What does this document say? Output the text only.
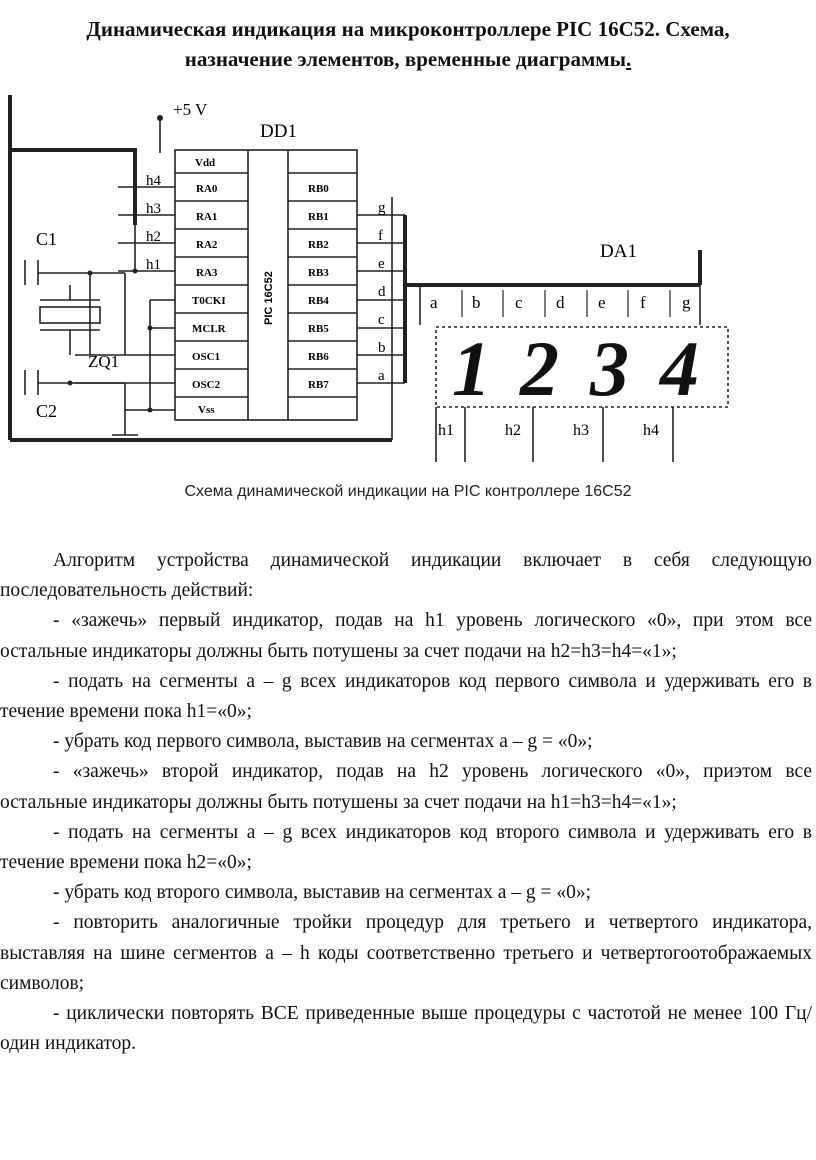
Динамическая индикация на микроконтроллере PIC 16C52. Схема,
назначение элементов, временные диаграммы.
+5 V
DD1
PIC 16C52
Vdd
RA0
RA1
RA2
RA3
T0CKI
MCLR
OSC1
OSC2
Vss
RB0
RB1
RB2
RB3
RB4
RB5
RB6
RB7
h4
h3
h2
h1
g
f
e
d
c
b
a
C1
C2
ZQ1
DA1
a b c d e f g
1 2 3 4
h1	h2	h3	h4
Схема динамической индикации на PIC контроллере 16C52

Алгоритм устройства динамической индикации включает в себя следующую последовательность действий:

- «зажечь» первый индикатор, подав на h1 уровень логического «0», при этом все остальные индикаторы должны быть потушены за счет подачи на h2=h3=h4=«1»;

- подать на сегменты а – g всех индикаторов код первого символа и удерживать его в течение времени пока h1=«0»;

- убрать код первого символа, выставив на сегментах а – g = «0»;

- «зажечь» второй индикатор, подав на h2 уровень логического «0», приэтом все остальные индикаторы должны быть потушены за счет подачи на h1=h3=h4=«1»;

- подать на сегменты а – g всех индикаторов код второго символа и удерживать его в течение времени пока h2=«0»;

- убрать код второго символа, выставив на сегментах а – g = «0»;

- повторить аналогичные тройки процедур для третьего и четвертого индикатора, выставляя на шине сегментов а – h коды соответственно третьего и четвертогоотображаемых символов;

- циклически повторять ВСЕ приведенные выше процедуры с частотой не менее 100 Гц/один индикатор.
